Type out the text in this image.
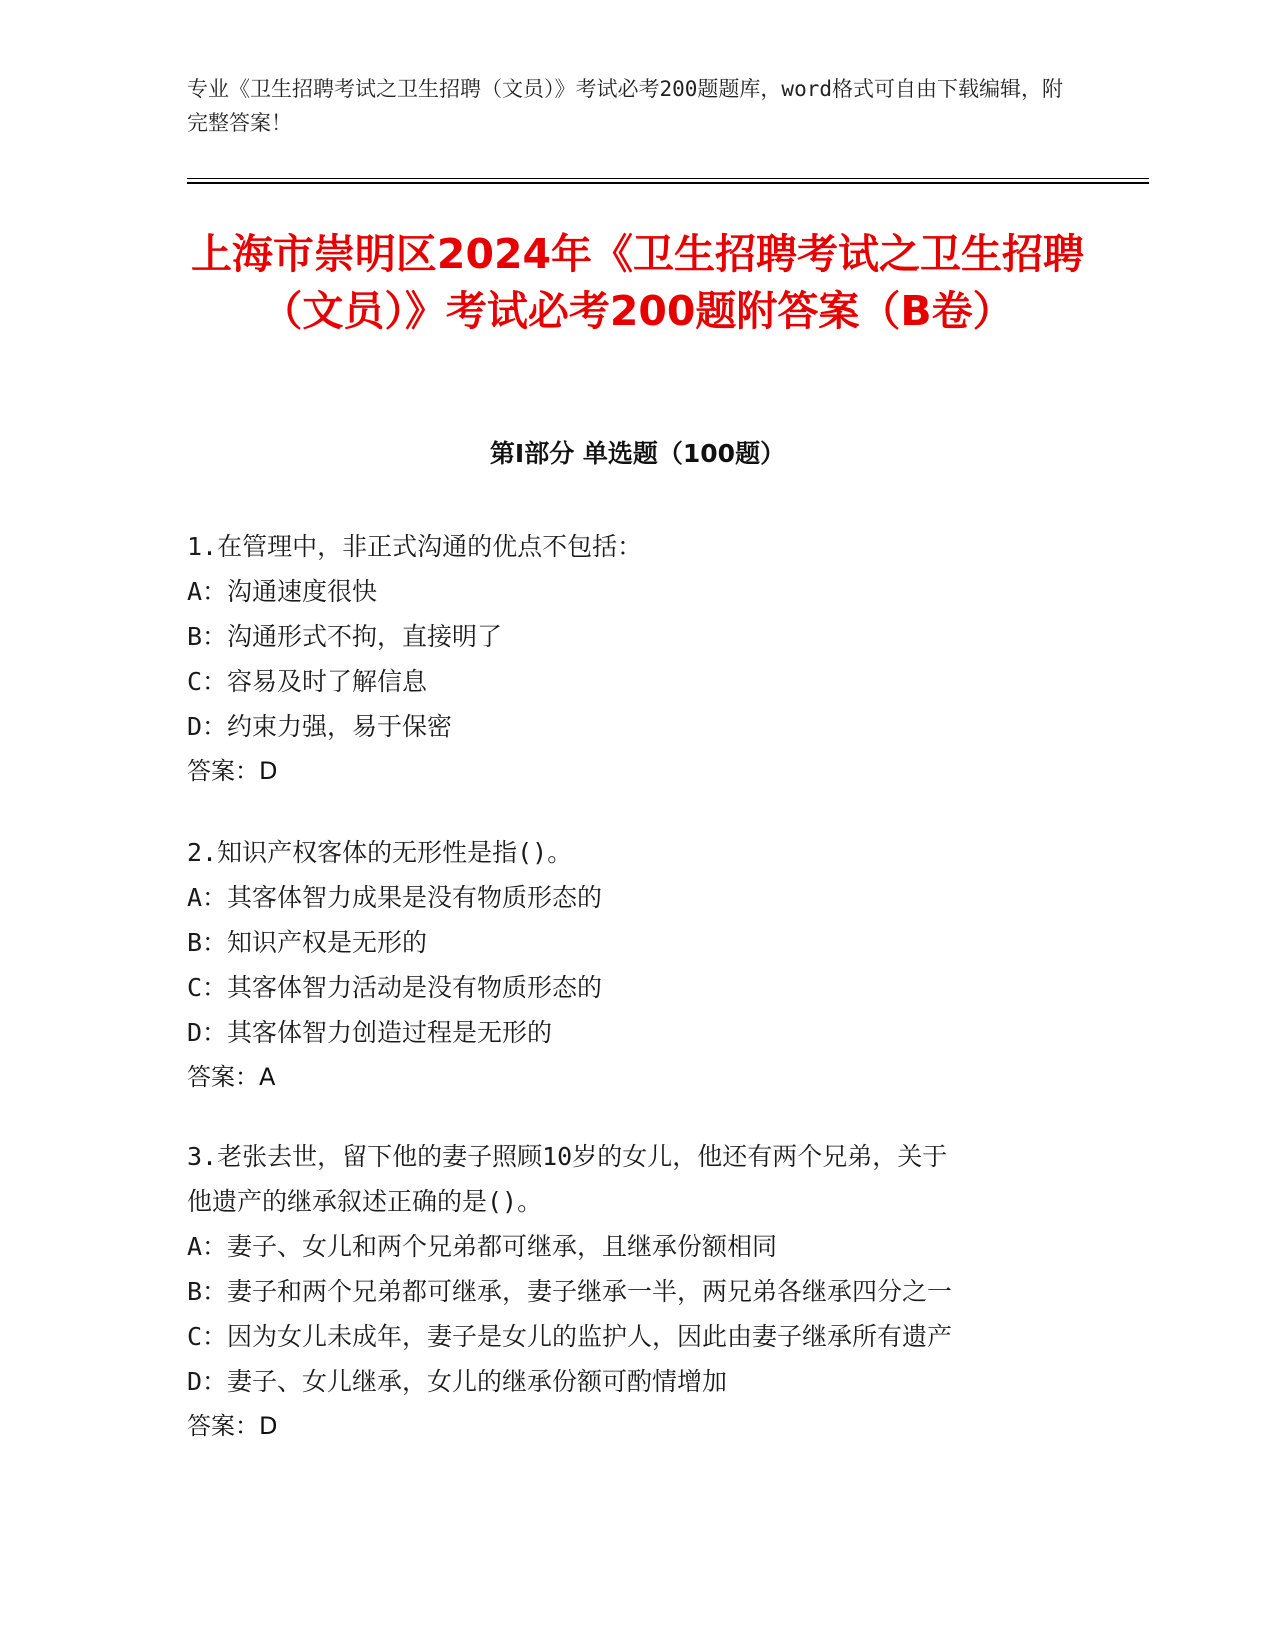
专业《卫生招聘考试之卫生招聘（文员）》考试必考200题题库，word格式可自由下载编辑，附完整答案！
上海市崇明区2024年《卫生招聘考试之卫生招聘（文员）》考试必考200题附答案（B卷）
第Ⅰ部分 单选题（100题）
1.在管理中，非正式沟通的优点不包括：
A：沟通速度很快
B：沟通形式不拘，直接明了
C：容易及时了解信息
D：约束力强，易于保密
答案：D
2.知识产权客体的无形性是指()。
A：其客体智力成果是没有物质形态的
B：知识产权是无形的
C：其客体智力活动是没有物质形态的
D：其客体智力创造过程是无形的
答案：A
3.老张去世，留下他的妻子照顾10岁的女儿，他还有两个兄弟，关于
他遗产的继承叙述正确的是()。
A：妻子、女儿和两个兄弟都可继承，且继承份额相同
B：妻子和两个兄弟都可继承，妻子继承一半，两兄弟各继承四分之一
C：因为女儿未成年，妻子是女儿的监护人，因此由妻子继承所有遗产
D：妻子、女儿继承，女儿的继承份额可酌情增加
答案：D
